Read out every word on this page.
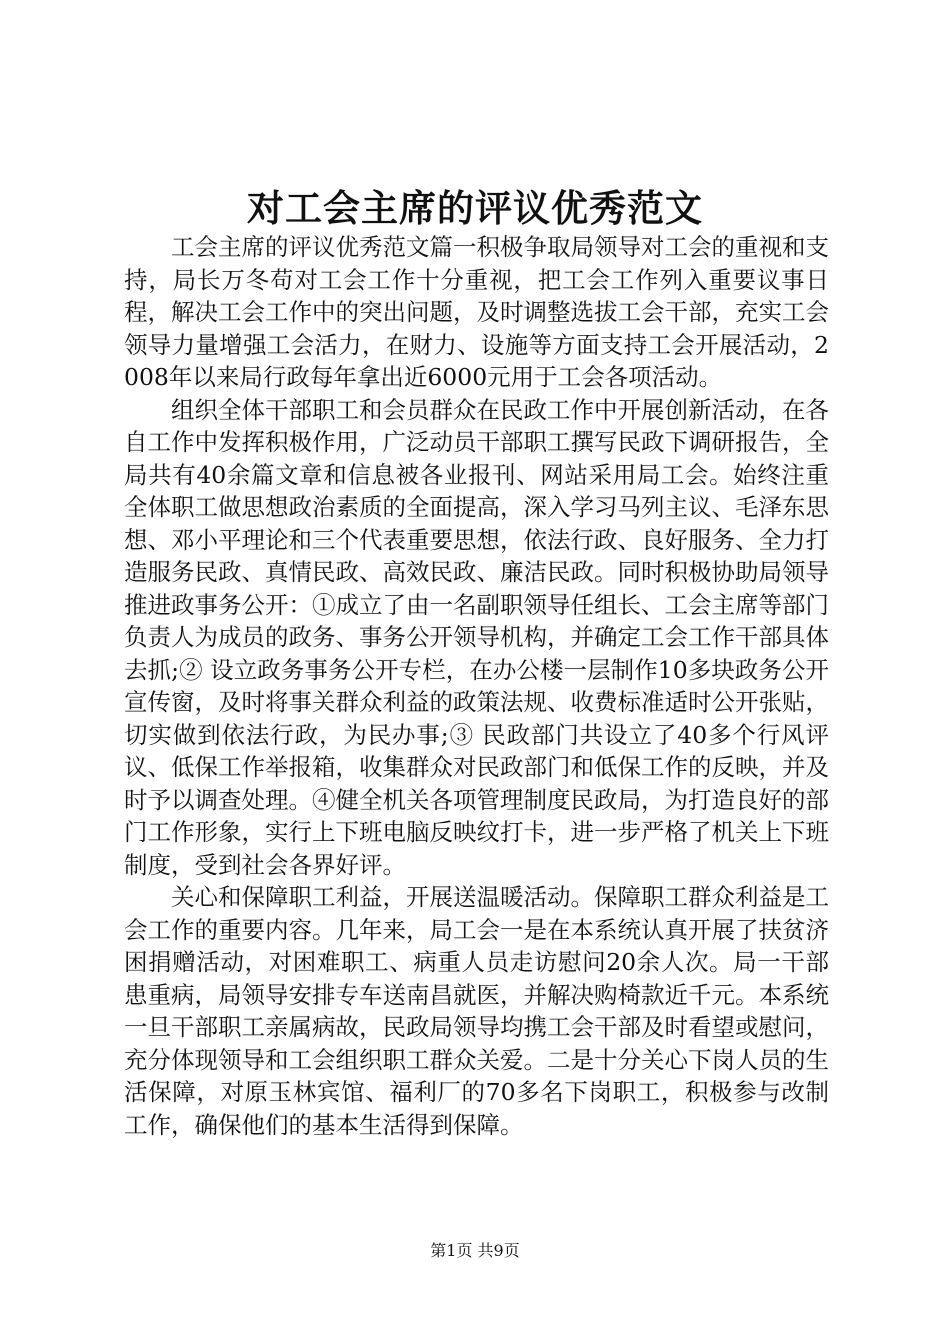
对工会主席的评议优秀范文

工会主席的评议优秀范文篇一积极争取局领导对工会的重视和支持，局长万冬苟对工会工作十分重视，把工会工作列入重要议事日程，解决工会工作中的突出问题，及时调整选拔工会干部，充实工会领导力量增强工会活力，在财力、设施等方面支持工会开展活动，2008年以来局行政每年拿出近6000元用于工会各项活动。

组织全体干部职工和会员群众在民政工作中开展创新活动，在各自工作中发挥积极作用，广泛动员干部职工撰写民政下调研报告，全局共有40余篇文章和信息被各业报刊、网站采用局工会。始终注重全体职工做思想政治素质的全面提高，深入学习马列主议、毛泽东思想、邓小平理论和三个代表重要思想，依法行政、良好服务、全力打造服务民政、真情民政、高效民政、廉洁民政。同时积极协助局领导推进政事务公开：①成立了由一名副职领导任组长、工会主席等部门负责人为成员的政务、事务公开领导机构，并确定工会工作干部具体去抓;② 设立政务事务公开专栏，在办公楼一层制作10多块政务公开宣传窗，及时将事关群众利益的政策法规、收费标准适时公开张贴，切实做到依法行政，为民办事;③ 民政部门共设立了40多个行风评议、低保工作举报箱，收集群众对民政部门和低保工作的反映，并及时予以调查处理。④健全机关各项管理制度民政局，为打造良好的部门工作形象，实行上下班电脑反映纹打卡，进一步严格了机关上下班制度，受到社会各界好评。

关心和保障职工利益，开展送温暖活动。保障职工群众利益是工会工作的重要内容。几年来，局工会一是在本系统认真开展了扶贫济困捐赠活动，对困难职工、病重人员走访慰问20余人次。局一干部患重病，局领导安排专车送南昌就医，并解决购椅款近千元。本系统一旦干部职工亲属病故，民政局领导均携工会干部及时看望或慰问，充分体现领导和工会组织职工群众关爱。二是十分关心下岗人员的生活保障，对原玉林宾馆、福利厂的70多名下岗职工，积极参与改制工作，确保他们的基本生活得到保障。

第1页 共9页
